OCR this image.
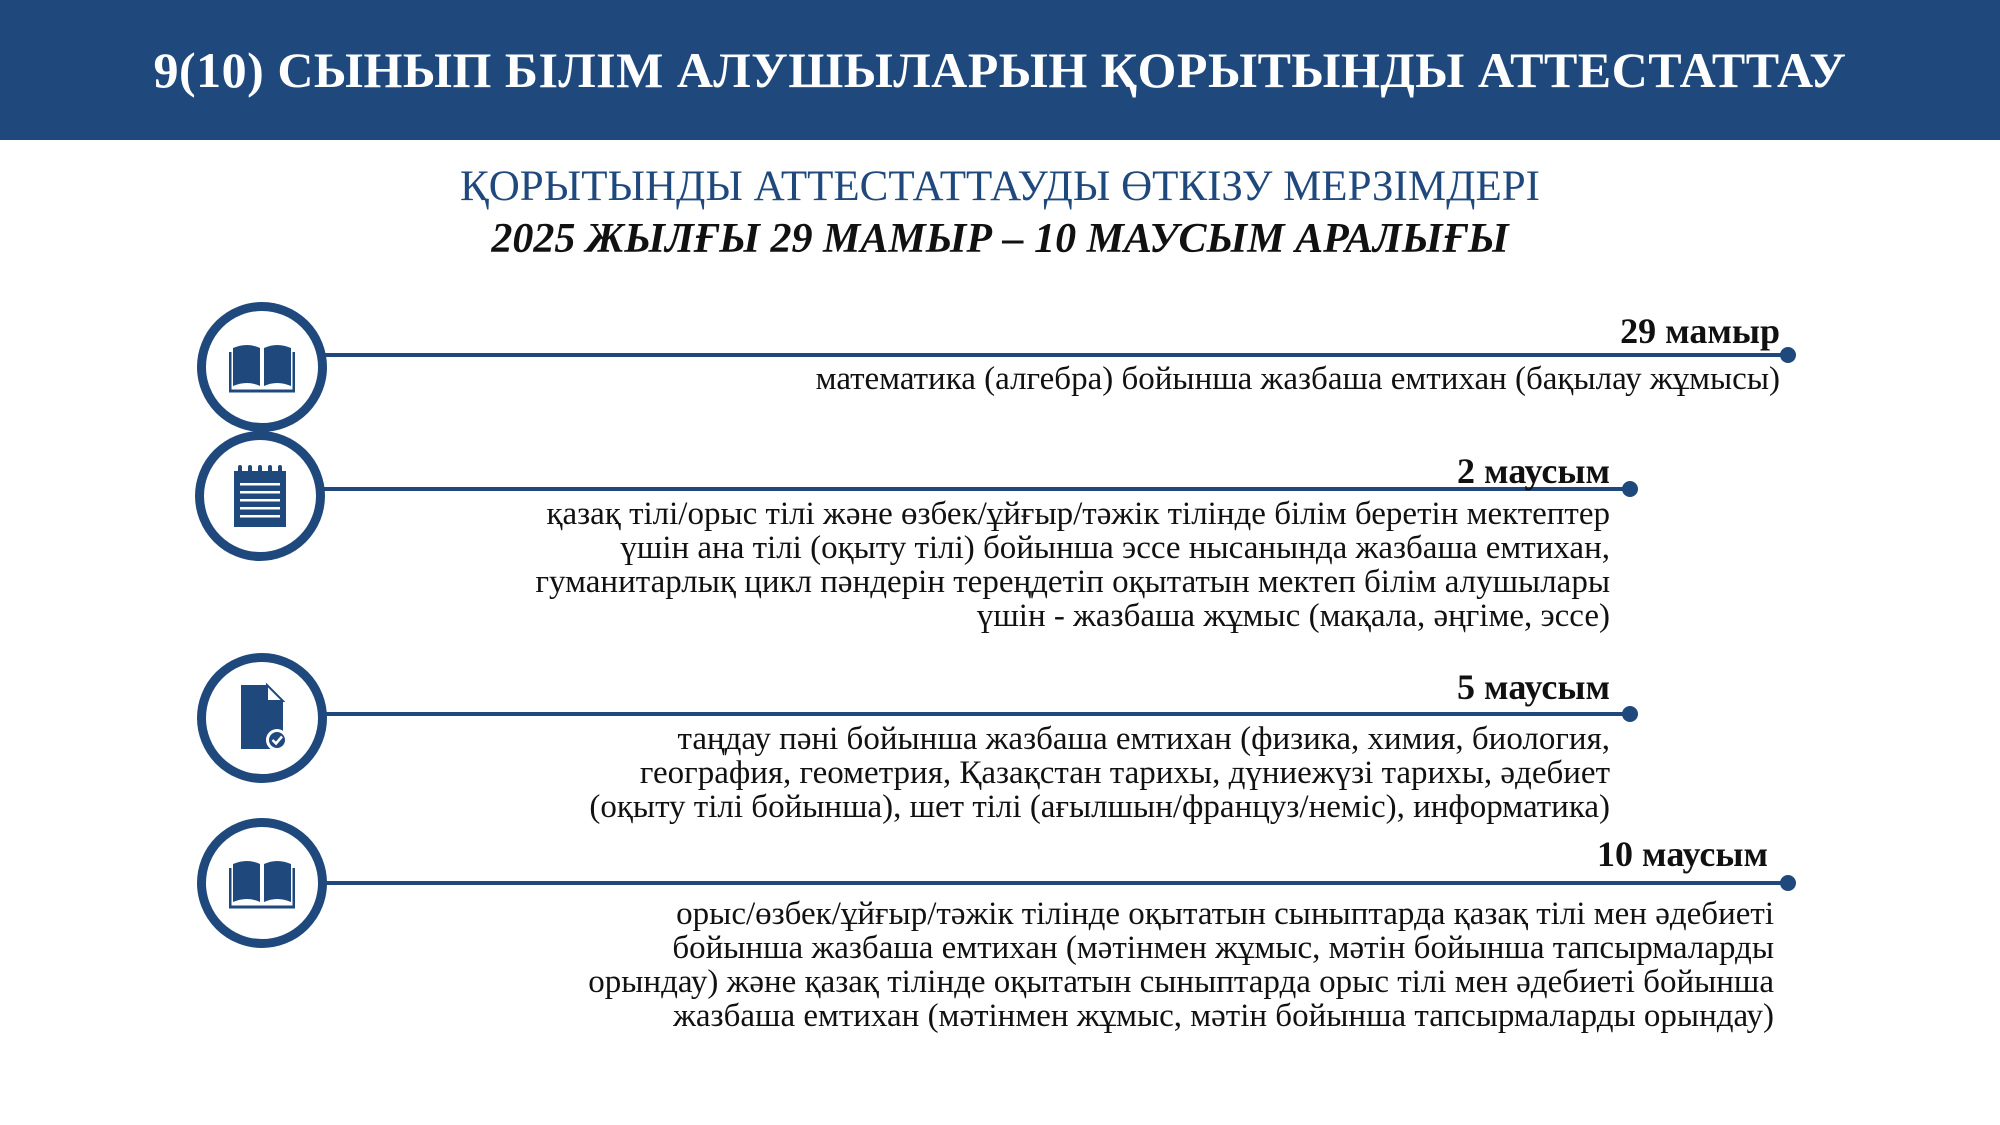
9(10) СЫНЫП БІЛІМ АЛУШЫЛАРЫН ҚОРЫТЫНДЫ АТТЕСТАТТАУ
ҚОРЫТЫНДЫ АТТЕСТАТТАУДЫ ӨТКІЗУ МЕРЗІМДЕРІ
2025 ЖЫЛҒЫ 29 МАМЫР – 10 МАУСЫМ АРАЛЫҒЫ
29 мамыр
математика (алгебра) бойынша жазбаша емтихан (бақылау жұмысы)
2 маусым
қазақ тілі/орыс тілі және өзбек/ұйғыр/тәжік тілінде білім беретін мектептер
үшін ана тілі (оқыту тілі) бойынша эссе нысанында жазбаша емтихан,
гуманитарлық цикл пәндерін тереңдетіп оқытатын мектеп білім алушылары
үшін - жазбаша жұмыс (мақала, әңгіме, эссе)
5 маусым
таңдау пәні бойынша жазбаша емтихан (физика, химия, биология,
география, геометрия, Қазақстан тарихы, дүниежүзі тарихы, әдебиет
(оқыту тілі бойынша), шет тілі (ағылшын/француз/неміс), информатика)
10 маусым
орыс/өзбек/ұйғыр/тәжік тілінде оқытатын сыныптарда қазақ тілі мен әдебиеті
бойынша жазбаша емтихан (мәтінмен жұмыс, мәтін бойынша тапсырмаларды
орындау) және қазақ тілінде оқытатын сыныптарда орыс тілі мен әдебиеті бойынша
жазбаша емтихан (мәтінмен жұмыс, мәтін бойынша тапсырмаларды орындау)
